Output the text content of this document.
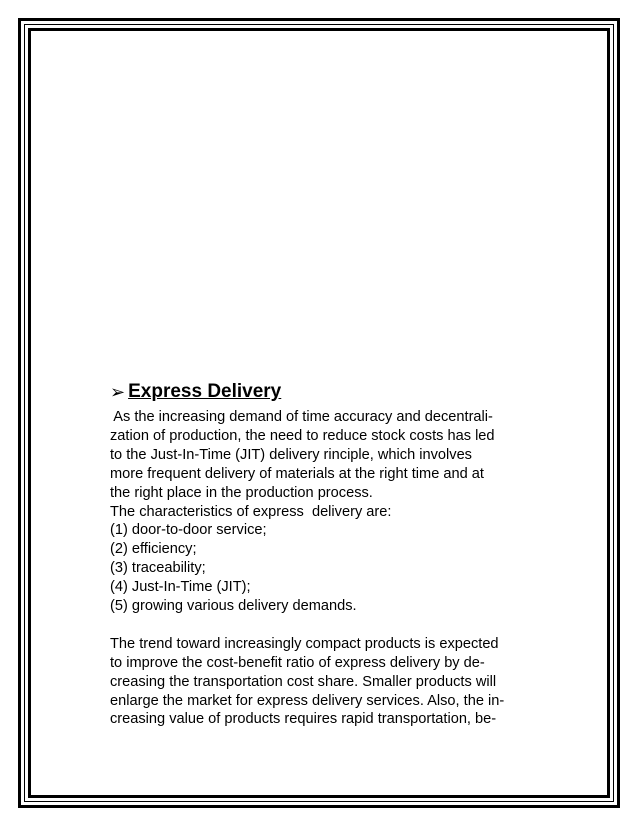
➢ Express Delivery
As the increasing demand of time accuracy and decentrali-
zation of production, the need to reduce stock costs has led
to the Just-In-Time (JIT) delivery rinciple, which involves
more frequent delivery of materials at the right time and at
the right place in the production process.
The characteristics of express  delivery are:
(1) door-to-door service;
(2) efficiency;
(3) traceability;
(4) Just-In-Time (JIT);
(5) growing various delivery demands.
The trend toward increasingly compact products is expected
to improve the cost-benefit ratio of express delivery by de-
creasing the transportation cost share. Smaller products will
enlarge the market for express delivery services. Also, the in-
creasing value of products requires rapid transportation, be-
